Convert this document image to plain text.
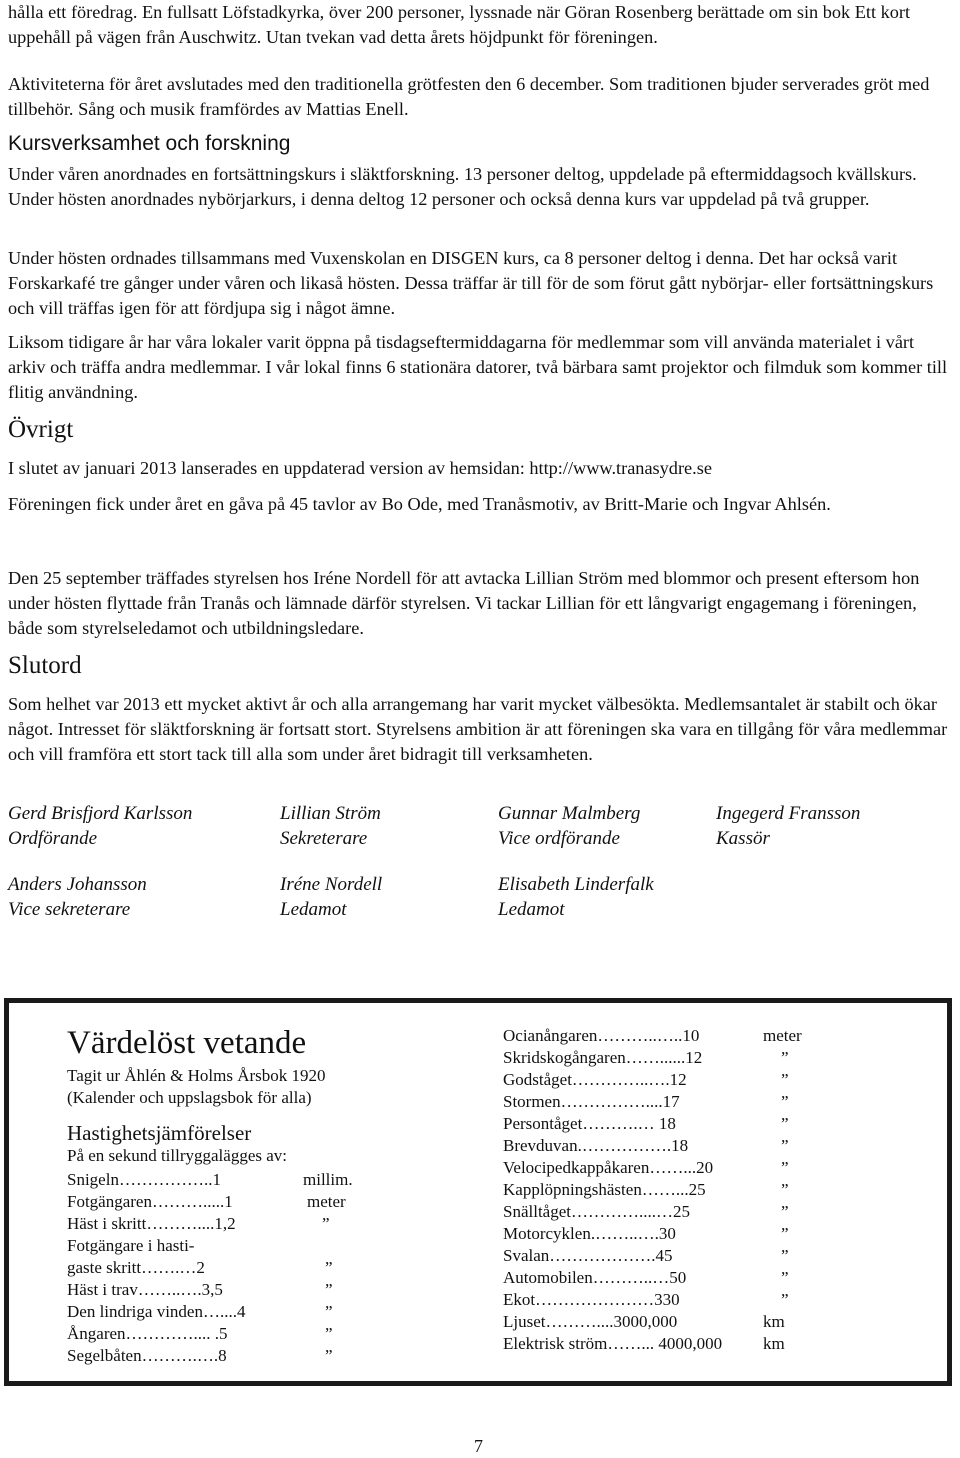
hålla ett föredrag. En fullsatt Löfstadkyrka, över 200 personer, lyssnade när Göran Rosenberg berättade om sin bok Ett kort uppehåll på vägen från Auschwitz. Utan tvekan vad detta årets höjdpunkt för föreningen.

Aktiviteterna för året avslutades med den traditionella grötfesten den 6 december. Som traditionen bjuder serverades gröt med tillbehör. Sång och musik framfördes av Mattias Enell.

Kursverksamhet och forskning

Under våren anordnades en fortsättningskurs i släktforskning. 13 personer deltog, uppdelade på eftermiddagsoch kvällskurs. Under hösten anordnades nybörjarkurs, i denna deltog 12 personer och också denna kurs var uppdelad på två grupper.

Under hösten ordnades tillsammans med Vuxenskolan en DISGEN kurs, ca 8 personer deltog i denna. Det har också varit Forskarkafé tre gånger under våren och likaså hösten. Dessa träffar är till för de som förut gått nybörjar- eller fortsättningskurs och vill träffas igen för att fördjupa sig i något ämne.

Liksom tidigare år har våra lokaler varit öppna på tisdagseftermiddagarna för medlemmar som vill använda materialet i vårt arkiv och träffa andra medlemmar. I vår lokal finns 6 stationära datorer, två bärbara samt projektor och filmduk som kommer till flitig användning.

Övrigt

I slutet av januari 2013 lanserades en uppdaterad version av hemsidan: http://www.tranasydre.se

Föreningen fick under året en gåva på 45 tavlor av Bo Ode, med Tranåsmotiv, av Britt-Marie och Ingvar Ahlsén.

Den 25 september träffades styrelsen hos Iréne Nordell för att avtacka Lillian Ström med blommor och present eftersom hon under hösten flyttade från Tranås och lämnade därför styrelsen. Vi tackar Lillian för ett långvarigt engagemang i föreningen, både som styrelseledamot och utbildningsledare.

Slutord

Som helhet var 2013 ett mycket aktivt år och alla arrangemang har varit mycket välbesökta. Medlemsantalet är stabilt och ökar något. Intresset för släktforskning är fortsatt stort. Styrelsens ambition är att föreningen ska vara en tillgång för våra medlemmar och vill framföra ett stort tack till alla som under året bidragit till verksamheten.

Gerd Brisfjord Karlsson
Ordförande
Lillian Ström
Sekreterare
Gunnar Malmberg
Vice ordförande
Ingegerd Fransson
Kassör
Anders Johansson
Vice sekreterare
Iréne Nordell
Ledamot
Elisabeth Linderfalk
Ledamot
Värdelöst vetande
Tagit ur Åhlén & Holms Årsbok 1920
(Kalender och uppslagsbok för alla)
Hastighetsjämförelser
På en sekund tillryggalägges av:
Snigeln……………..1	millim.
Fotgängaren……….....1	meter
Häst i skritt………....1,2	”
Fotgängare i hasti-
gaste skritt…….…2	”
Häst i trav……..….3,5	”
Den lindriga vinden…....4	”
Ångaren………….... .5	”
Segelbåten……….….8	”
Ocianångaren………..…..10	meter
Skridskogångaren……......12	”
Godståget…………..….12	”
Stormen……………....17	”
Persontåget……….… 18	”
Brevduvan.…………….18	”
Velocipedkappåkaren……...20	”
Kapplöpningshästen……...25	”
Snälltåget…………....…25	”
Motorcyklen.……..….30	”
Svalan……………….45	”
Automobilen………..…50	”
Ekot…………………330	”
Ljuset………....3000,000	km
Elektrisk ström……... 4000,000	km
7
